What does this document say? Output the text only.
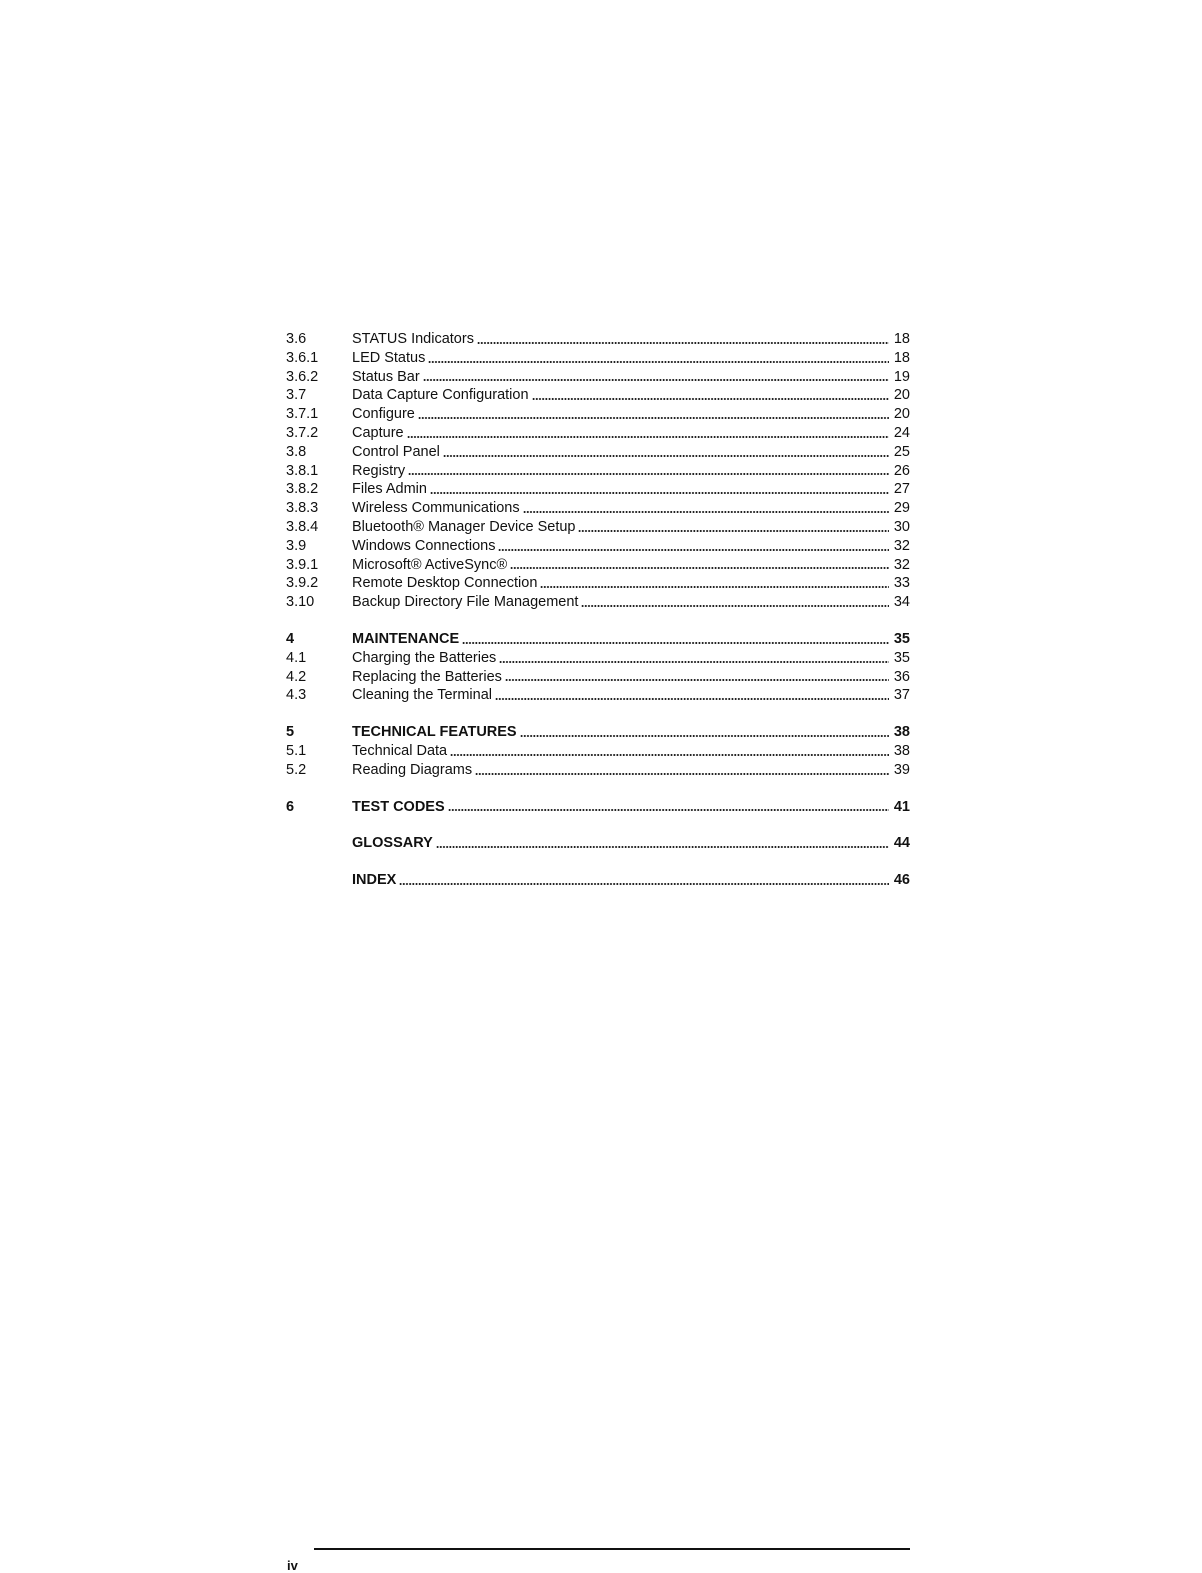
3.6	STATUS Indicators	18
3.6.1	LED Status	18
3.6.2	Status Bar	19
3.7	Data Capture Configuration	20
3.7.1	Configure	20
3.7.2	Capture	24
3.8	Control Panel	25
3.8.1	Registry	26
3.8.2	Files Admin	27
3.8.3	Wireless Communications	29
3.8.4	Bluetooth® Manager Device Setup	30
3.9	Windows Connections	32
3.9.1	Microsoft® ActiveSync®	32
3.9.2	Remote Desktop Connection	33
3.10	Backup Directory File Management	34
4	MAINTENANCE	35
4.1	Charging the Batteries	35
4.2	Replacing the Batteries	36
4.3	Cleaning the Terminal	37
5	TECHNICAL FEATURES	38
5.1	Technical Data	38
5.2	Reading Diagrams	39
6	TEST CODES	41
GLOSSARY	44
INDEX	46
iv
